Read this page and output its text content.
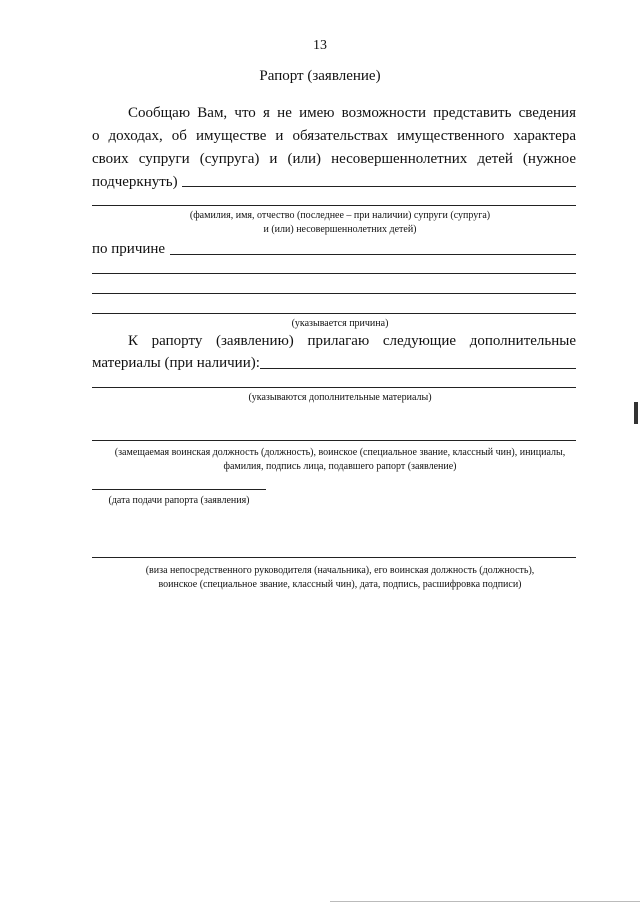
13
Рапорт (заявление)
Сообщаю Вам, что я не имею возможности представить сведения
о доходах, об имуществе и обязательствах имущественного характера
своих супруги (супруга) и (или) несовершеннолетних детей (нужное
подчеркнуть)
(фамилия, имя, отчество (последнее – при наличии) супруги (супруга)
и (или) несовершеннолетних детей)
по причине
(указывается причина)
К рапорту (заявлению) прилагаю следующие дополнительные
материалы (при наличии):
(указываются дополнительные материалы)
(замещаемая воинская должность (должность), воинское (специальное звание, классный чин), инициалы,
фамилия, подпись лица, подавшего рапорт (заявление)
(дата подачи рапорта (заявления)
(виза непосредственного руководителя (начальника), его воинская должность (должность),
воинское (специальное звание, классный чин), дата, подпись, расшифровка подписи)
